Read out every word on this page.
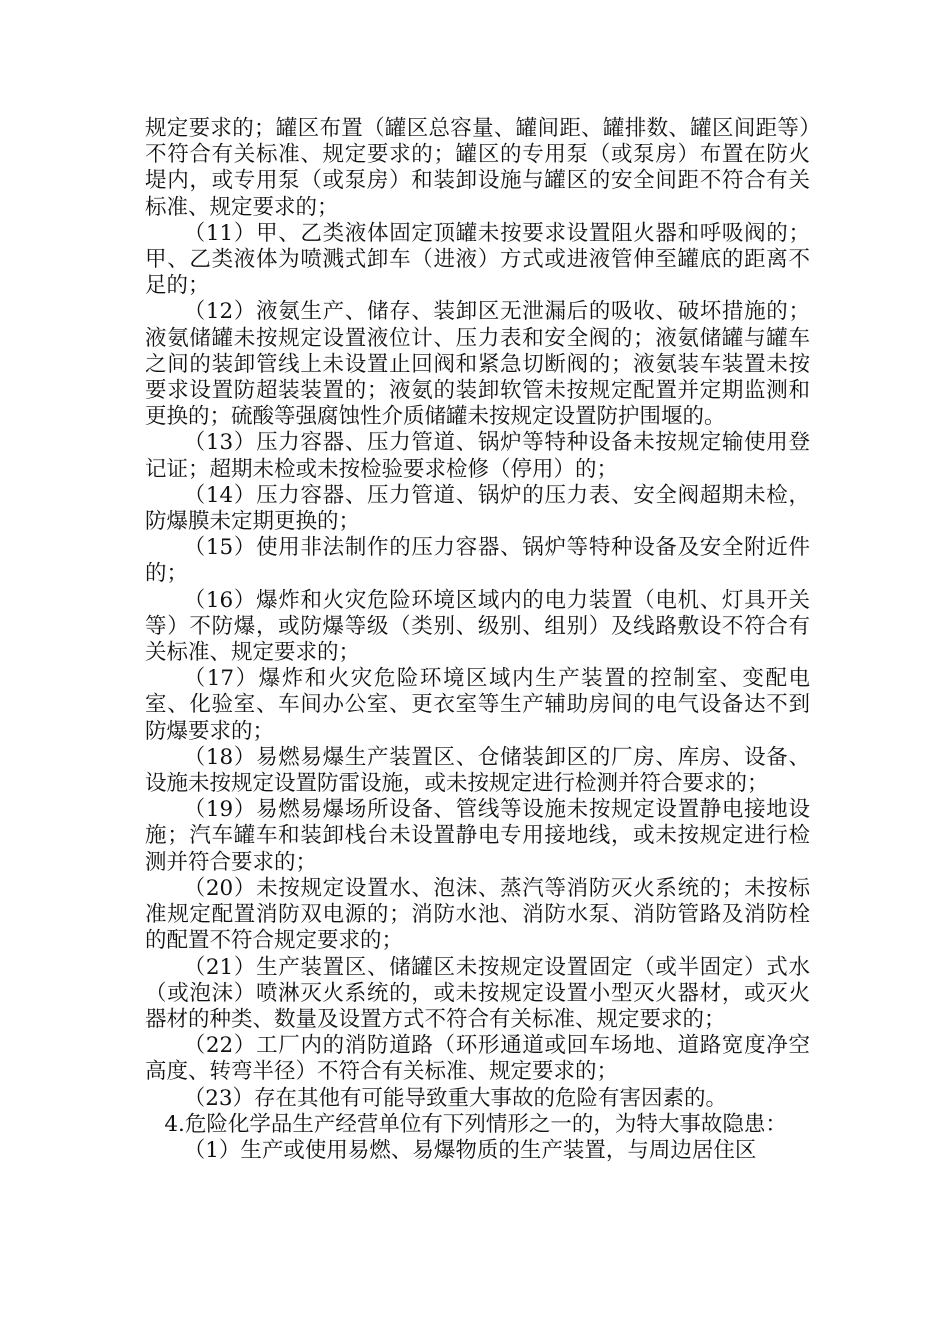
规定要求的；罐区布置（罐区总容量、罐间距、罐排数、罐区间距等）不符合有关标准、规定要求的；罐区的专用泵（或泵房）布置在防火堤内，或专用泵（或泵房）和装卸设施与罐区的安全间距不符合有关标准、规定要求的；

（11）甲、乙类液体固定顶罐未按要求设置阻火器和呼吸阀的；甲、乙类液体为喷溅式卸车（进液）方式或进液管伸至罐底的距离不足的；

（12）液氨生产、储存、装卸区无泄漏后的吸收、破坏措施的；液氨储罐未按规定设置液位计、压力表和安全阀的；液氨储罐与罐车之间的装卸管线上未设置止回阀和紧急切断阀的；液氨装车装置未按要求设置防超装装置的；液氨的装卸软管未按规定配置并定期监测和更换的；硫酸等强腐蚀性介质储罐未按规定设置防护围堰的。

（13）压力容器、压力管道、锅炉等特种设备未按规定输使用登记证；超期未检或未按检验要求检修（停用）的；

（14）压力容器、压力管道、锅炉的压力表、安全阀超期未检，防爆膜未定期更换的；

（15）使用非法制作的压力容器、锅炉等特种设备及安全附近件的；

（16）爆炸和火灾危险环境区域内的电力装置（电机、灯具开关等）不防爆，或防爆等级（类别、级别、组别）及线路敷设不符合有关标准、规定要求的；

（17）爆炸和火灾危险环境区域内生产装置的控制室、变配电室、化验室、车间办公室、更衣室等生产辅助房间的电气设备达不到防爆要求的；

（18）易燃易爆生产装置区、仓储装卸区的厂房、库房、设备、设施未按规定设置防雷设施，或未按规定进行检测并符合要求的；

（19）易燃易爆场所设备、管线等设施未按规定设置静电接地设施；汽车罐车和装卸栈台未设置静电专用接地线，或未按规定进行检测并符合要求的；

（20）未按规定设置水、泡沫、蒸汽等消防灭火系统的；未按标准规定配置消防双电源的；消防水池、消防水泵、消防管路及消防栓的配置不符合规定要求的；

（21）生产装置区、储罐区未按规定设置固定（或半固定）式水（或泡沫）喷淋灭火系统的，或未按规定设置小型灭火器材，或灭火器材的种类、数量及设置方式不符合有关标准、规定要求的；

（22）工厂内的消防道路（环形通道或回车场地、道路宽度净空高度、转弯半径）不符合有关标准、规定要求的；

（23）存在其他有可能导致重大事故的危险有害因素的。

4.危险化学品生产经营单位有下列情形之一的，为特大事故隐患：

（1）生产或使用易燃、易爆物质的生产装置，与周边居住区
